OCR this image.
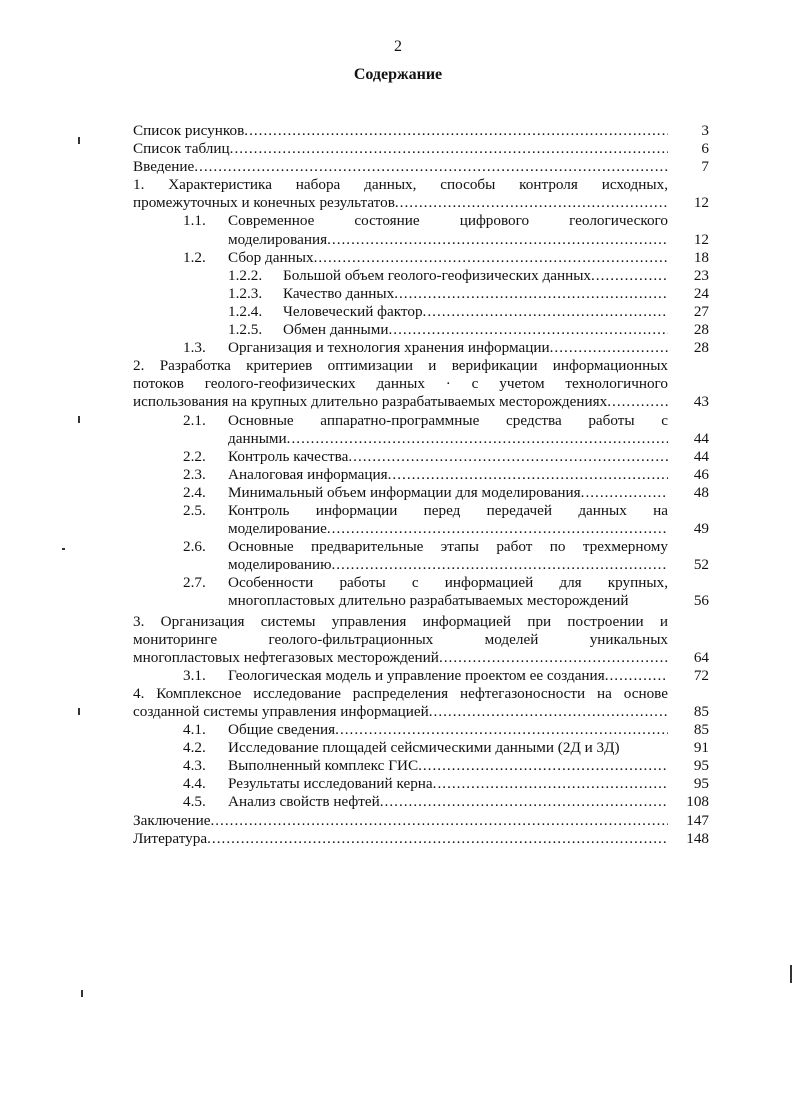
2
Содержание
Список рисунков .....	3
Список таблиц .....	6
Введение .....	7
1. Характеристика набора данных, способы контроля исходных,
промежуточных и конечных результатов .....	12
1.1. Современное состояние цифрового геологического
моделирования .....	12
1.2. Сбор данных .....	18
1.2.2. Большой объем геолого-геофизических данных .....	23
1.2.3. Качество данных .....	24
1.2.4. Человеческий фактор .....	27
1.2.5. Обмен данными .....	28
1.3. Организация и технология хранения информации .....	28
2. Разработка критериев оптимизации и верификации информационных
потоков геолого-геофизических данных · с учетом технологичного
использования на крупных длительно разрабатываемых месторождениях .....	43
2.1. Основные аппаратно-программные средства работы с
данными .....	44
2.2. Контроль качества .....	44
2.3. Аналоговая информация .....	46
2.4. Минимальный объем информации для моделирования .....	48
2.5. Контроль информации перед передачей данных на
моделирование .....	49
2.6. Основные предварительные этапы работ по трехмерному
моделированию .....	52
2.7. Особенности работы с информацией для крупных,
многопластовых длительно разрабатываемых месторождений	56
3. Организация системы управления информацией при построении и
мониторинге геолого-фильтрационных моделей уникальных
многопластовых нефтегазовых месторождений .....	64
3.1. Геологическая модель и управление проектом ее создания .....	72
4. Комплексное исследование распределения нефтегазоносности на основе
созданной системы управления информацией .....	85
4.1. Общие сведения .....	85
4.2. Исследование площадей сейсмическими данными (2Д и 3Д)	91
4.3. Выполненный комплекс ГИС .....	95
4.4. Результаты исследований керна .....	95
4.5. Анализ свойств нефтей .....	108
Заключение .....	147
Литература .....	148
